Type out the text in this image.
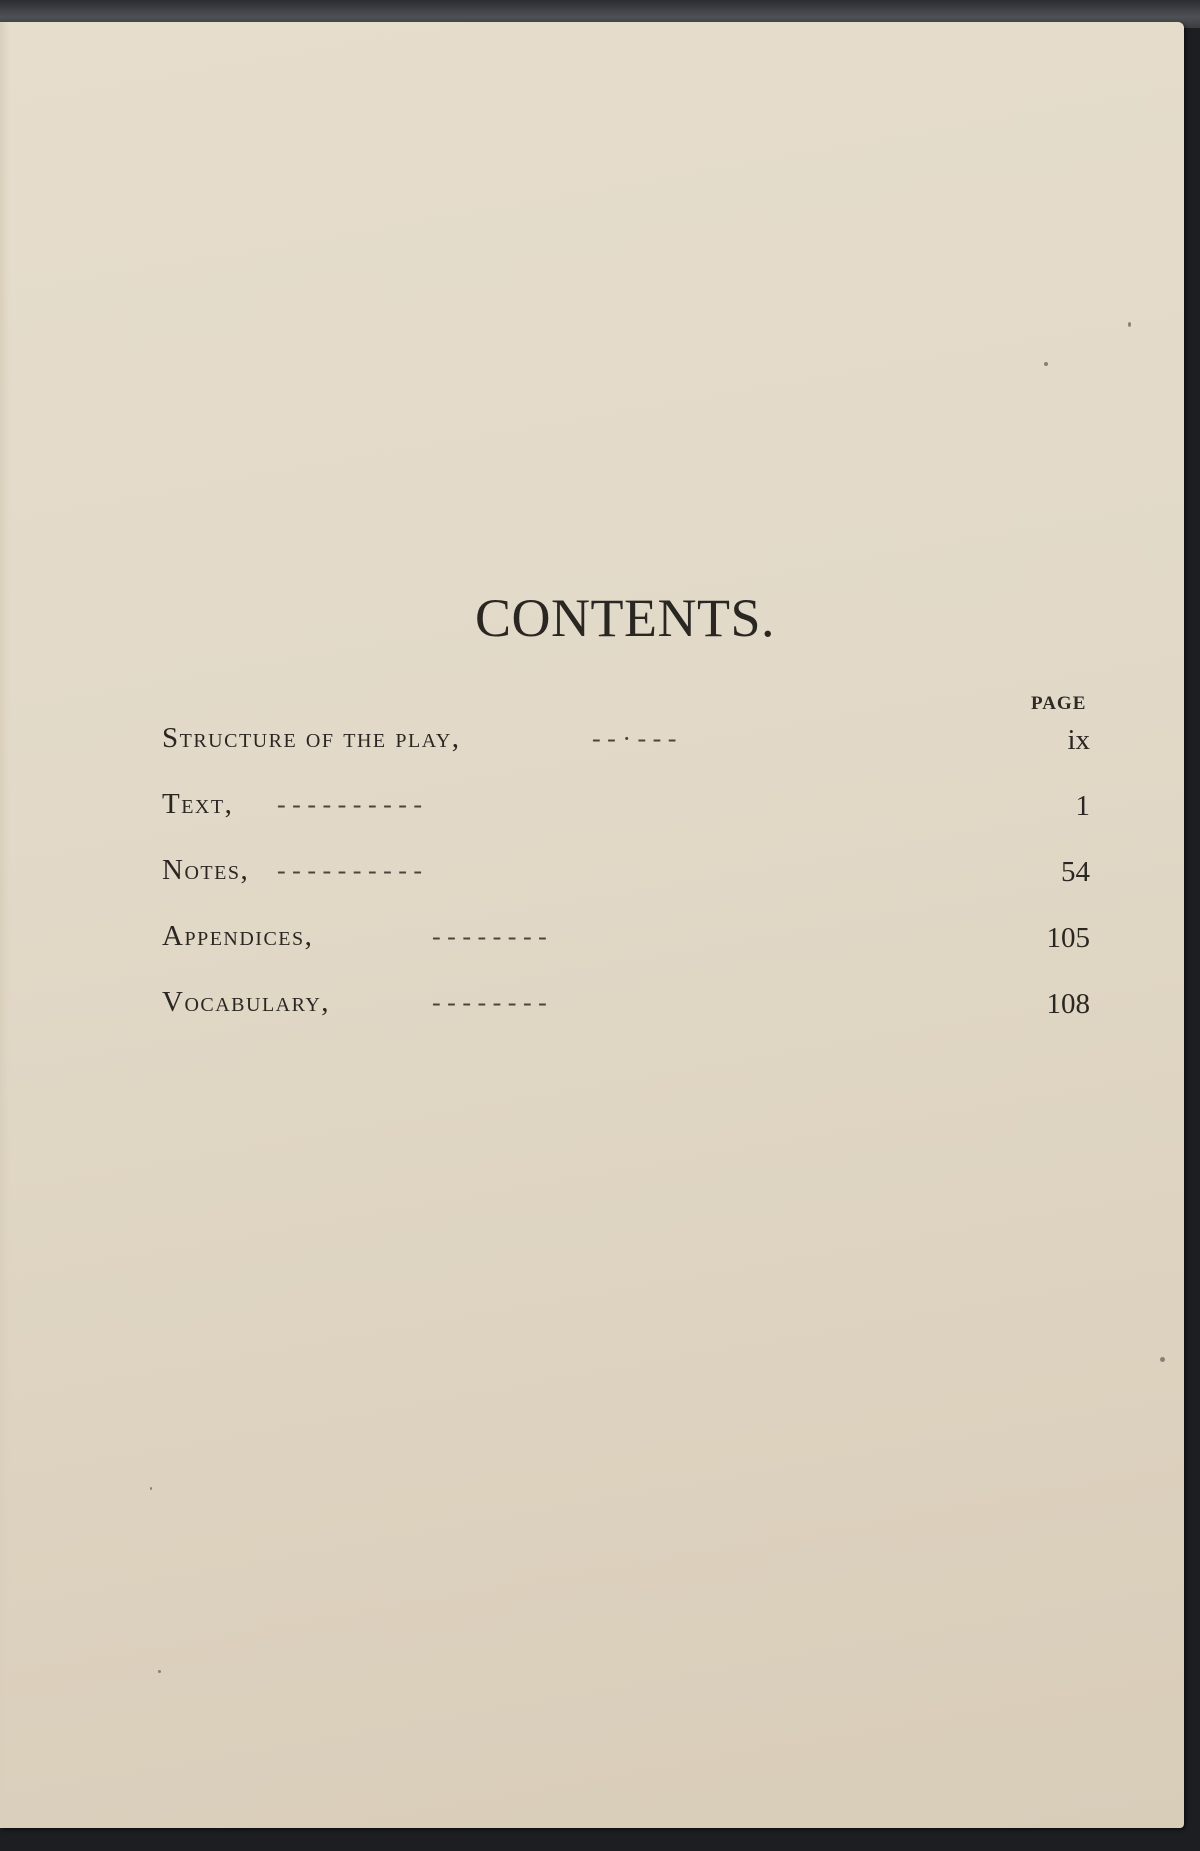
CONTENTS.
PAGE
Structure of the play,	- - · - - -	ix
Text, - - - - - - - - - -	1
Notes, - - - - - - - - - -	54
Appendices,	- - - - - - - -	105
Vocabulary,	- - - - - - - -	108
